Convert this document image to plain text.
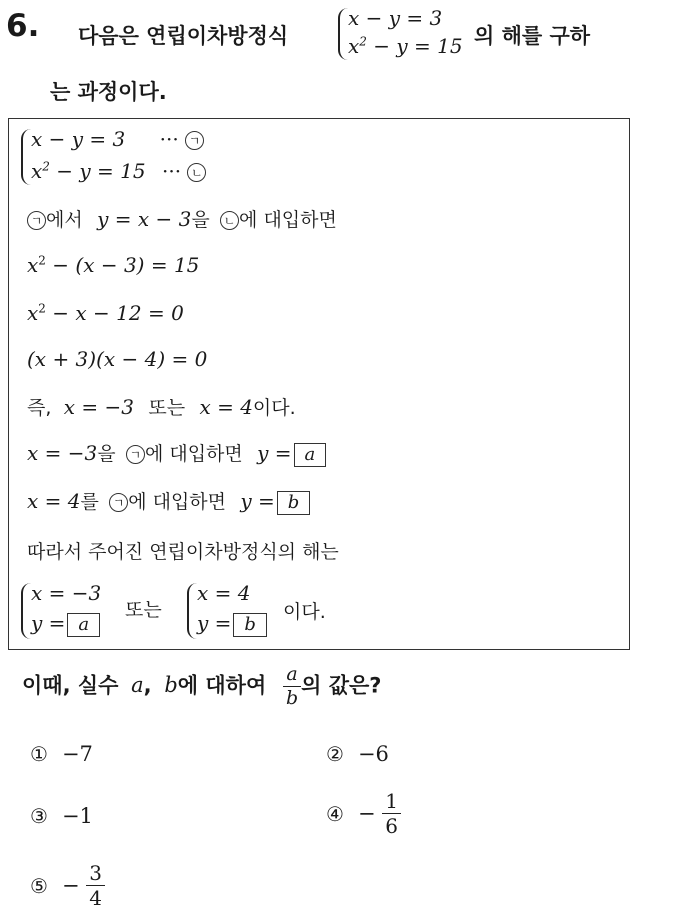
6. 다음은 연립이차방정식
x − y = 3
$x^2 - y = 15$ 의 해를 구하
는 과정이다.
x − y = 3 ··· ㄱ
$x^2 - y = 15$ ··· ㄴ
ㄱ 에서 y = x − 3을 ㄴ 에 대입하면
$x^2 - (x - 3) = 15$
$x^2 - x - 12 = 0$
(x + 3)(x − 4) = 0
즉, x = −3 또는 x = 4이다.
x = −3을 ㄱ 에 대입하면 y = a
x = 4를 ㄱ 에 대입하면 y = b
따라서 주어진 연립이차방정식의 해는
x = −3
y = a
또는
x = 4
y = b
이다.
이때, 실수 a, b에 대하여 $\frac{a}{b}$ 의 값은?
① −7	② −6
③ −1	④ − $\frac{1}{6}$
⑤ − $\frac{3}{4}$
